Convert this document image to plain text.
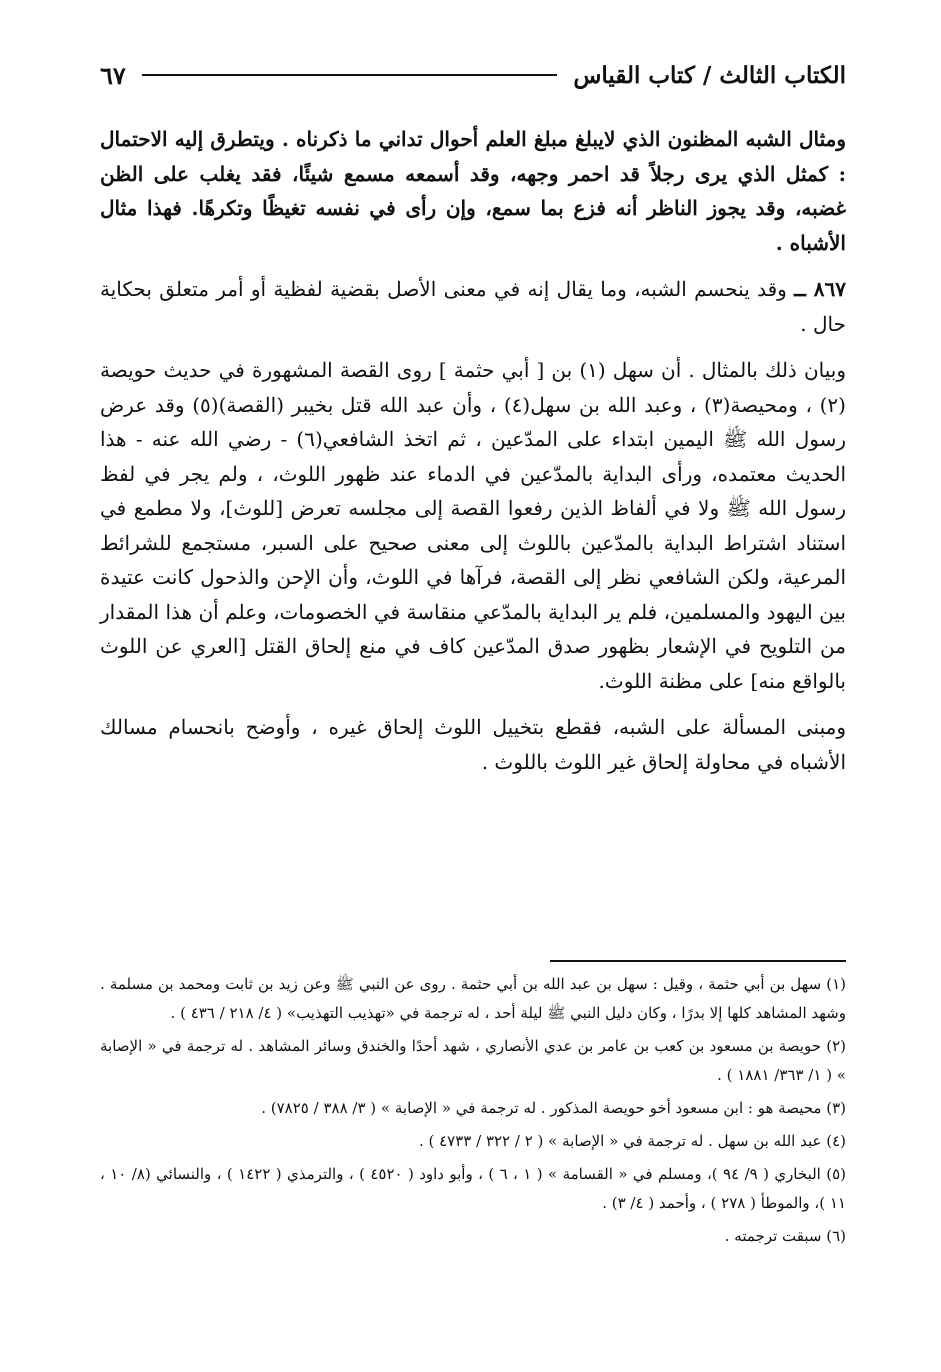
الكتاب الثالث / كتاب القياس
٦٧

ومثال الشبه المظنون الذي لايبلغ مبلغ العلم أحوال تداني ما ذكرناه . ويتطرق إليه الاحتمال : كمثل الذي يرى رجلاً قد احمر وجهه، وقد أسمعه مسمع شيئًا، فقد يغلب على الظن غضبه، وقد يجوز الناظر أنه فزع بما سمع، وإن رأى في نفسه تغيظًا وتكرهًا. فهذا مثال الأشباه .

٨٦٧ ــ وقد ينحسم الشبه، وما يقال إنه في معنى الأصل بقضية لفظية أو أمر متعلق بحكاية حال .

وبيان ذلك بالمثال . أن سهل (١) بن [ أبي حثمة ] روى القصة المشهورة في حديث حويصة (٢) ، ومحيصة(٣) ، وعبد الله بن سهل(٤) ، وأن عبد الله قتل بخيبر (القصة)(٥) وقد عرض رسول الله ﷺ اليمين ابتداء على المدّعين ، ثم اتخذ الشافعي(٦) - رضي الله عنه - هذا الحديث معتمده، ورأى البداية بالمدّعين في الدماء عند ظهور اللوث، ، ولم يجر في لفظ رسول الله ﷺ ولا في ألفاظ الذين رفعوا القصة إلى مجلسه تعرض [للوث]، ولا مطمع في استناد اشتراط البداية بالمدّعين باللوث إلى معنى صحيح على السبر، مستجمع للشرائط المرعية، ولكن الشافعي نظر إلى القصة، فرآها في اللوث، وأن الإحن والذحول كانت عتيدة بين اليهود والمسلمين، فلم ير البداية بالمدّعي منقاسة في الخصومات، وعلم أن هذا المقدار من التلويح في الإشعار بظهور صدق المدّعين كاف في منع إلحاق القتل [العري عن اللوث بالواقع منه] على مظنة اللوث.

ومبنى المسألة على الشبه، فقطع بتخييل اللوث إلحاق غيره ، وأوضح بانحسام مسالك الأشباه في محاولة إلحاق غير اللوث باللوث .

(١) سهل بن أبي حثمة ، وقيل : سهل بن عبد الله بن أبي حثمة . روى عن النبي ﷺ وعن زيد بن ثابت ومحمد بن مسلمة . وشهد المشاهد كلها إلا بدرًا ، وكان دليل النبي ﷺ ليلة أحد ، له ترجمة في «تهذيب التهذيب» ( ٤/ ٢١٨ / ٤٣٦ ) .

(٢) حويصة بن مسعود بن كعب بن عامر بن عدي الأنصاري ، شهد أحدًا والخندق وسائر المشاهد . له ترجمة في « الإصابة » ( ١/ ٣٦٣/ ١٨٨١ ) .

(٣) محيصة هو : ابن مسعود أخو حويصة المذكور . له ترجمة في « الإصابة » ( ٣/ ٣٨٨ / ٧٨٢٥) .

(٤) عبد الله بن سهل . له ترجمة في « الإصابة » ( ٢ / ٣٢٢ / ٤٧٣٣ ) .

(٥) البخاري ( ٩/ ٩٤ )، ومسلم في « القسامة » ( ١ ، ٦ ) ، وأبو داود ( ٤٥٢٠ ) ، والترمذي ( ١٤٢٢ ) ، والنسائي (٨/ ١٠ ، ١١ )، والموطأ ( ٢٧٨ ) ، وأحمد ( ٤/ ٣) .

(٦) سبقت ترجمته .
